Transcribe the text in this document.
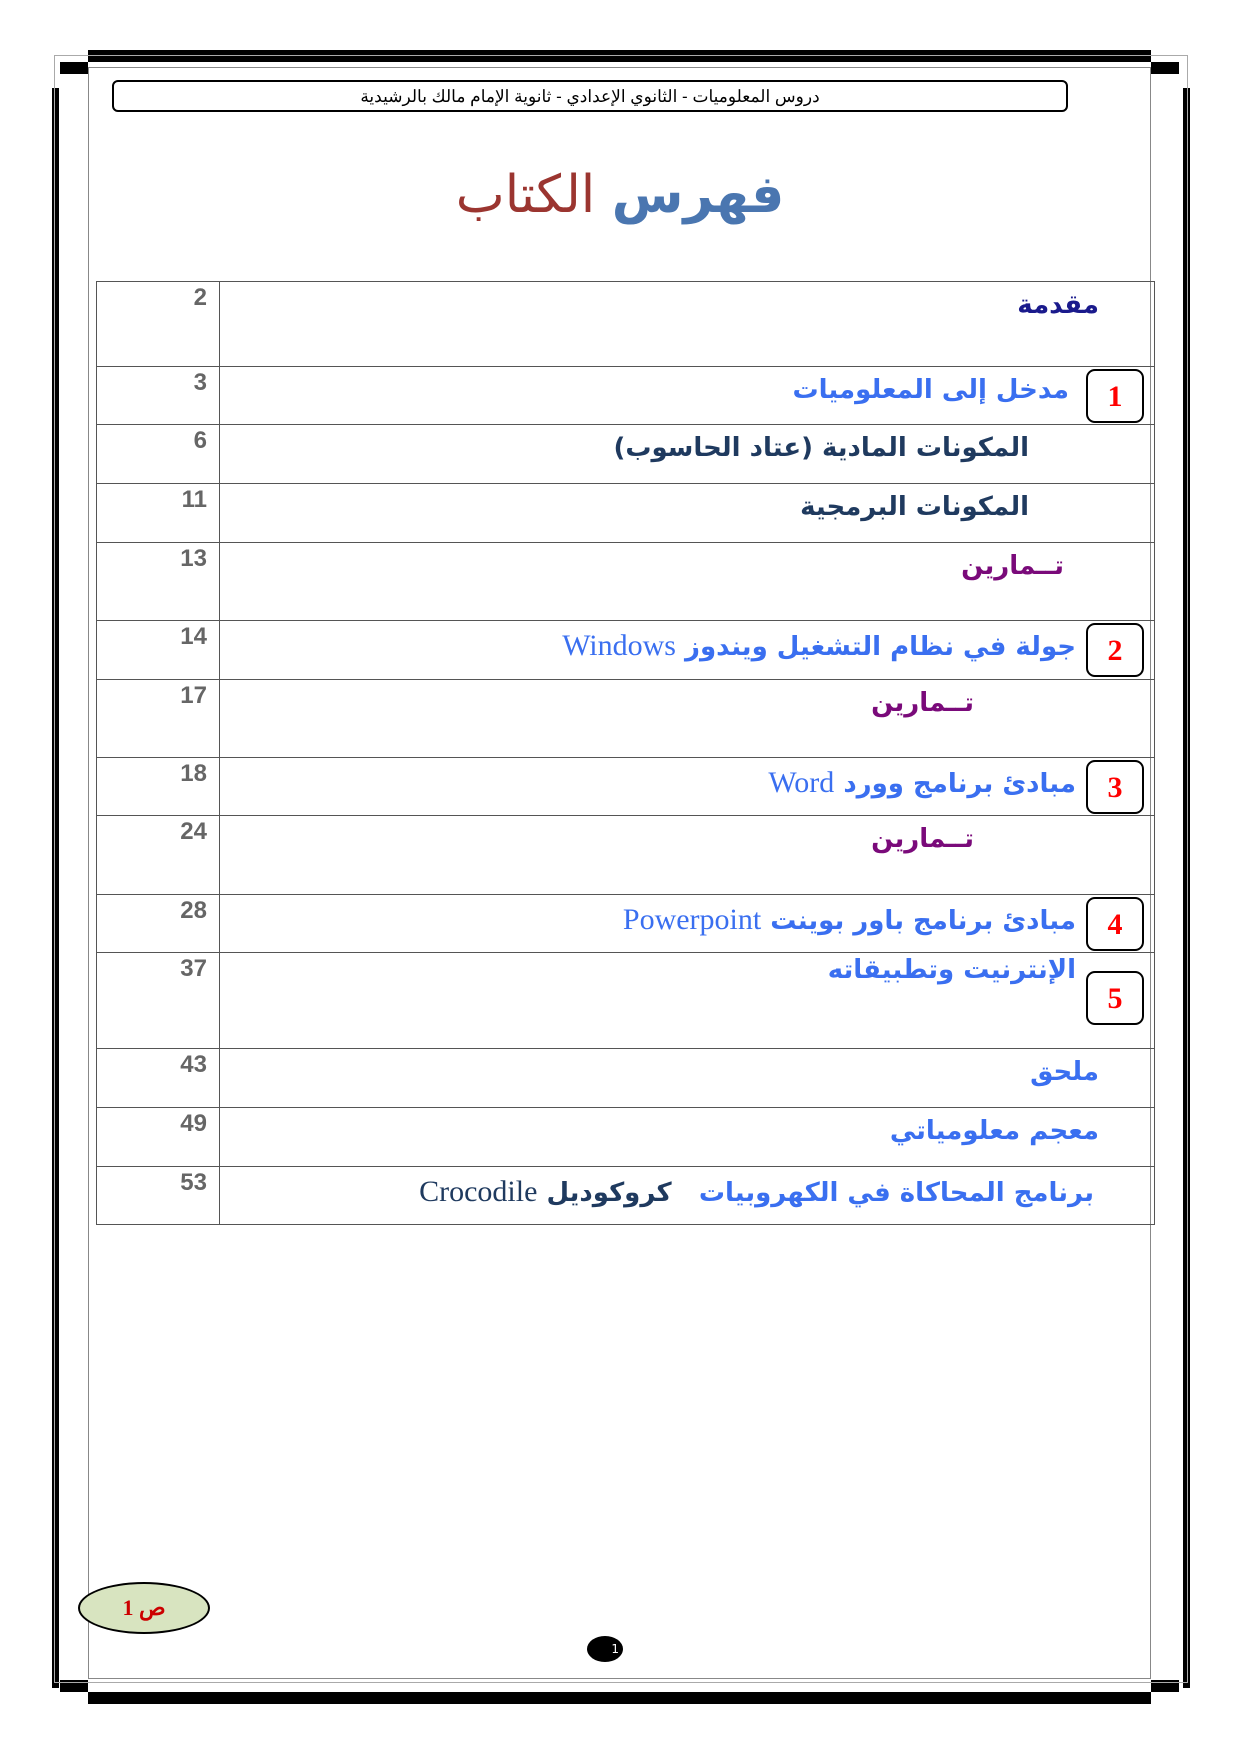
دروس المعلوميات - الثانوي الإعدادي - ثانوية الإمام مالك بالرشيدية
فهرس الكتاب
2	مقدمة
3	مدخل إلى المعلوميات 1

6	المكونات المادية (عتاد الحاسوب)
11	المكونات البرمجية
13	تــمارين
14	جولة في نظام التشغيل ويندوز Windows 2

17	تــمارين
18	مبادئ برنامج وورد Word 3

24	تــمارين
28	مبادئ برنامج باور بوينت Powerpoint 4

37	الإنترنيت وتطبيقاته
5

43	ملحق
49	معجم معلومياتي
53	برنامج المحاكاة في الكهروبيات   كروكوديل Crocodile
ص 1
1
